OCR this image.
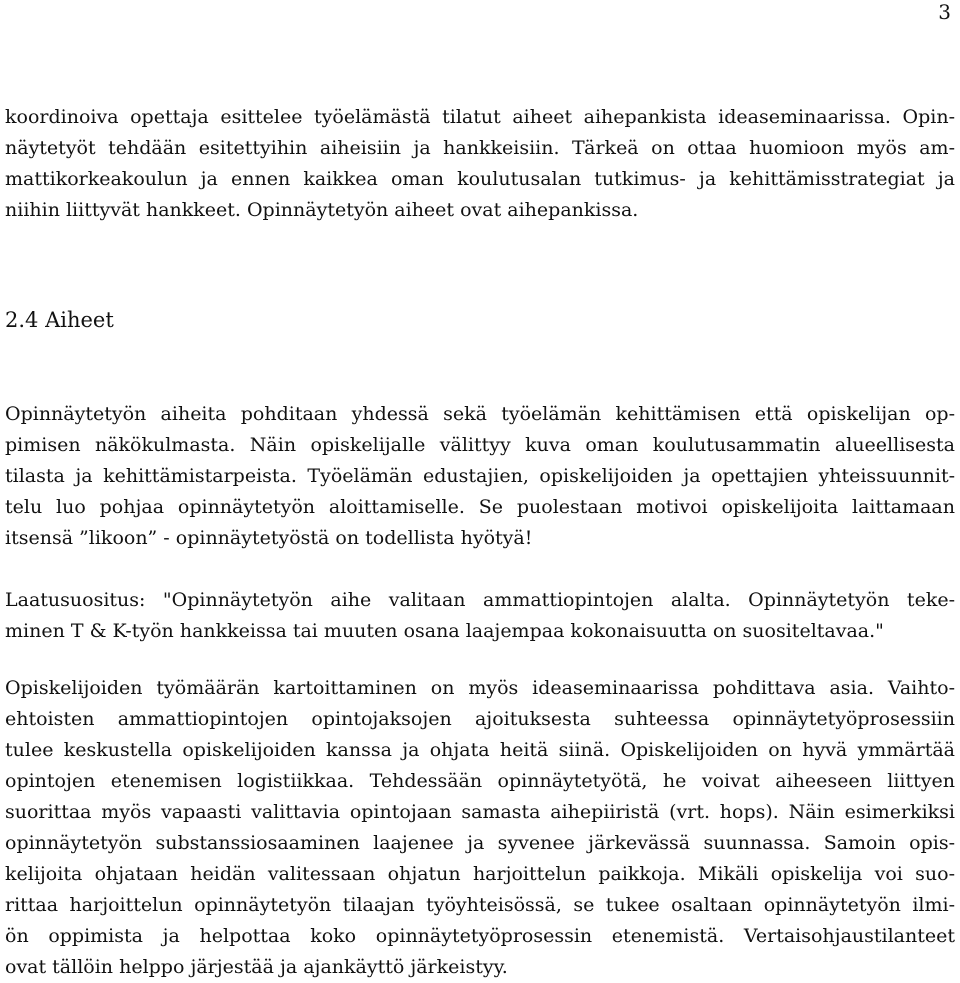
3
koordinoiva opettaja esittelee työelämästä tilatut aiheet aihepankista ideaseminaarissa. Opin-
näytetyöt tehdään esitettyihin aiheisiin ja hankkeisiin. Tärkeä on ottaa huomioon myös am-
mattikorkeakoulun ja ennen kaikkea oman koulutusalan tutkimus- ja kehittämisstrategiat ja
niihin liittyvät hankkeet. Opinnäytetyön aiheet ovat aihepankissa.
2.4 Aiheet
Opinnäytetyön aiheita pohditaan yhdessä sekä työelämän kehittämisen että opiskelijan op-
pimisen näkökulmasta. Näin opiskelijalle välittyy kuva oman koulutusammatin alueellisesta
tilasta ja kehittämistarpeista. Työelämän edustajien, opiskelijoiden ja opettajien yhteissuunnit-
telu luo pohjaa opinnäytetyön aloittamiselle. Se puolestaan motivoi opiskelijoita laittamaan
itsensä ”likoon” - opinnäytetyöstä on todellista hyötyä!
Laatusuositus: "Opinnäytetyön aihe valitaan ammattiopintojen alalta. Opinnäytetyön teke-
minen T & K-työn hankkeissa tai muuten osana laajempaa kokonaisuutta on suositeltavaa."
Opiskelijoiden työmäärän kartoittaminen on myös ideaseminaarissa pohdittava asia. Vaihto-
ehtoisten ammattiopintojen opintojaksojen ajoituksesta suhteessa opinnäytetyöprosessiin
tulee keskustella opiskelijoiden kanssa ja ohjata heitä siinä. Opiskelijoiden on hyvä ymmärtää
opintojen etenemisen logistiikkaa. Tehdessään opinnäytetyötä, he voivat aiheeseen liittyen
suorittaa myös vapaasti valittavia opintojaan samasta aihepiiristä (vrt. hops). Näin esimerkiksi
opinnäytetyön substanssiosaaminen laajenee ja syvenee järkevässä suunnassa. Samoin opis-
kelijoita ohjataan heidän valitessaan ohjatun harjoittelun paikkoja. Mikäli opiskelija voi suo-
rittaa harjoittelun opinnäytetyön tilaajan työyhteisössä, se tukee osaltaan opinnäytetyön ilmi-
ön oppimista ja helpottaa koko opinnäytetyöprosessin etenemistä. Vertaisohjaustilanteet
ovat tällöin helppo järjestää ja ajankäyttö järkeistyy.
